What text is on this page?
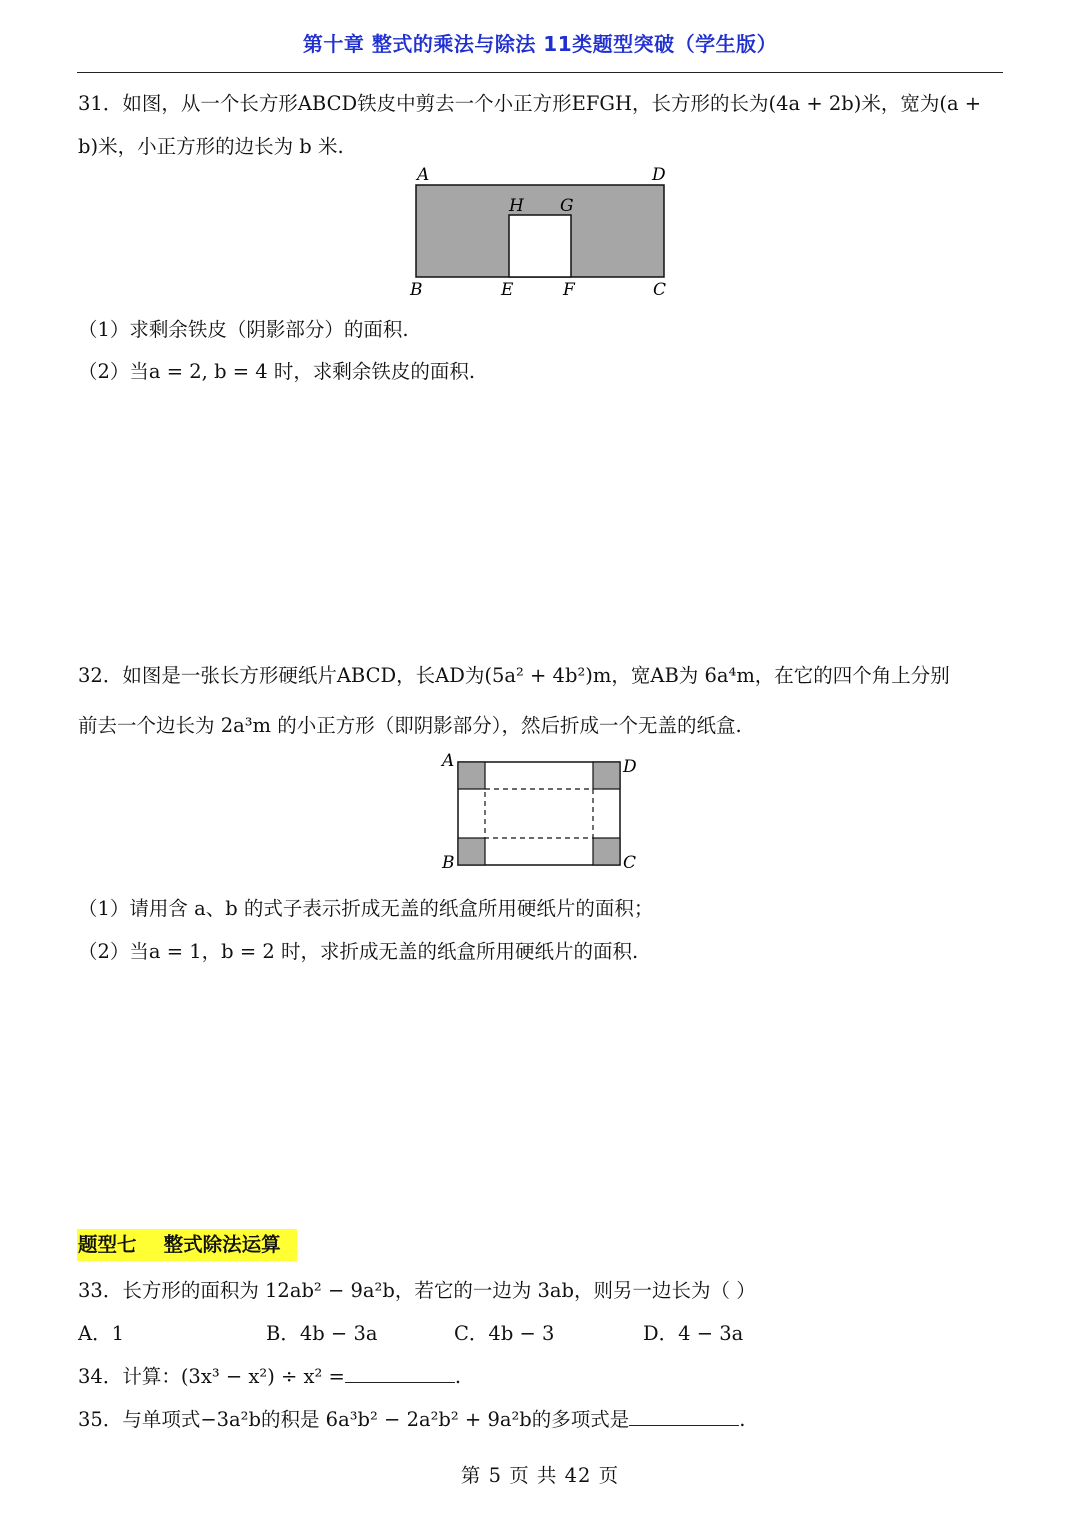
第十章 整式的乘法与除法 11类题型突破（学生版）
31．如图，从一个长方形ABCD铁皮中剪去一个小正方形EFGH，长方形的长为(4a + 2b)米，宽为(a +
b)米，小正方形的边长为 b 米.
A	D
H G
B	E	F	C
（1）求剩余铁皮（阴影部分）的面积.
（2）当a = 2, b = 4 时，求剩余铁皮的面积.
32．如图是一张长方形硬纸片ABCD，长AD为(5a² + 4b²)m，宽AB为 6a⁴m，在它的四个角上分别
前去一个边长为 2a³m 的小正方形（即阴影部分），然后折成一个无盖的纸盒.
A	D
B	C
（1）请用含 a、b 的式子表示折成无盖的纸盒所用硬纸片的面积；
（2）当a = 1，b = 2 时，求折成无盖的纸盒所用硬纸片的面积.
题型七    整式除法运算
33．长方形的面积为 12ab² − 9a²b，若它的一边为 3ab，则另一边长为（ ）
A．1	B．4b − 3a	C．4b − 3	D．4 − 3a
34．计算：(3x³ − x²) ÷ x² =	.
35．与单项式−3a²b的积是 6a³b² − 2a²b² + 9a²b的多项式是	.
第 5 页 共 42 页
